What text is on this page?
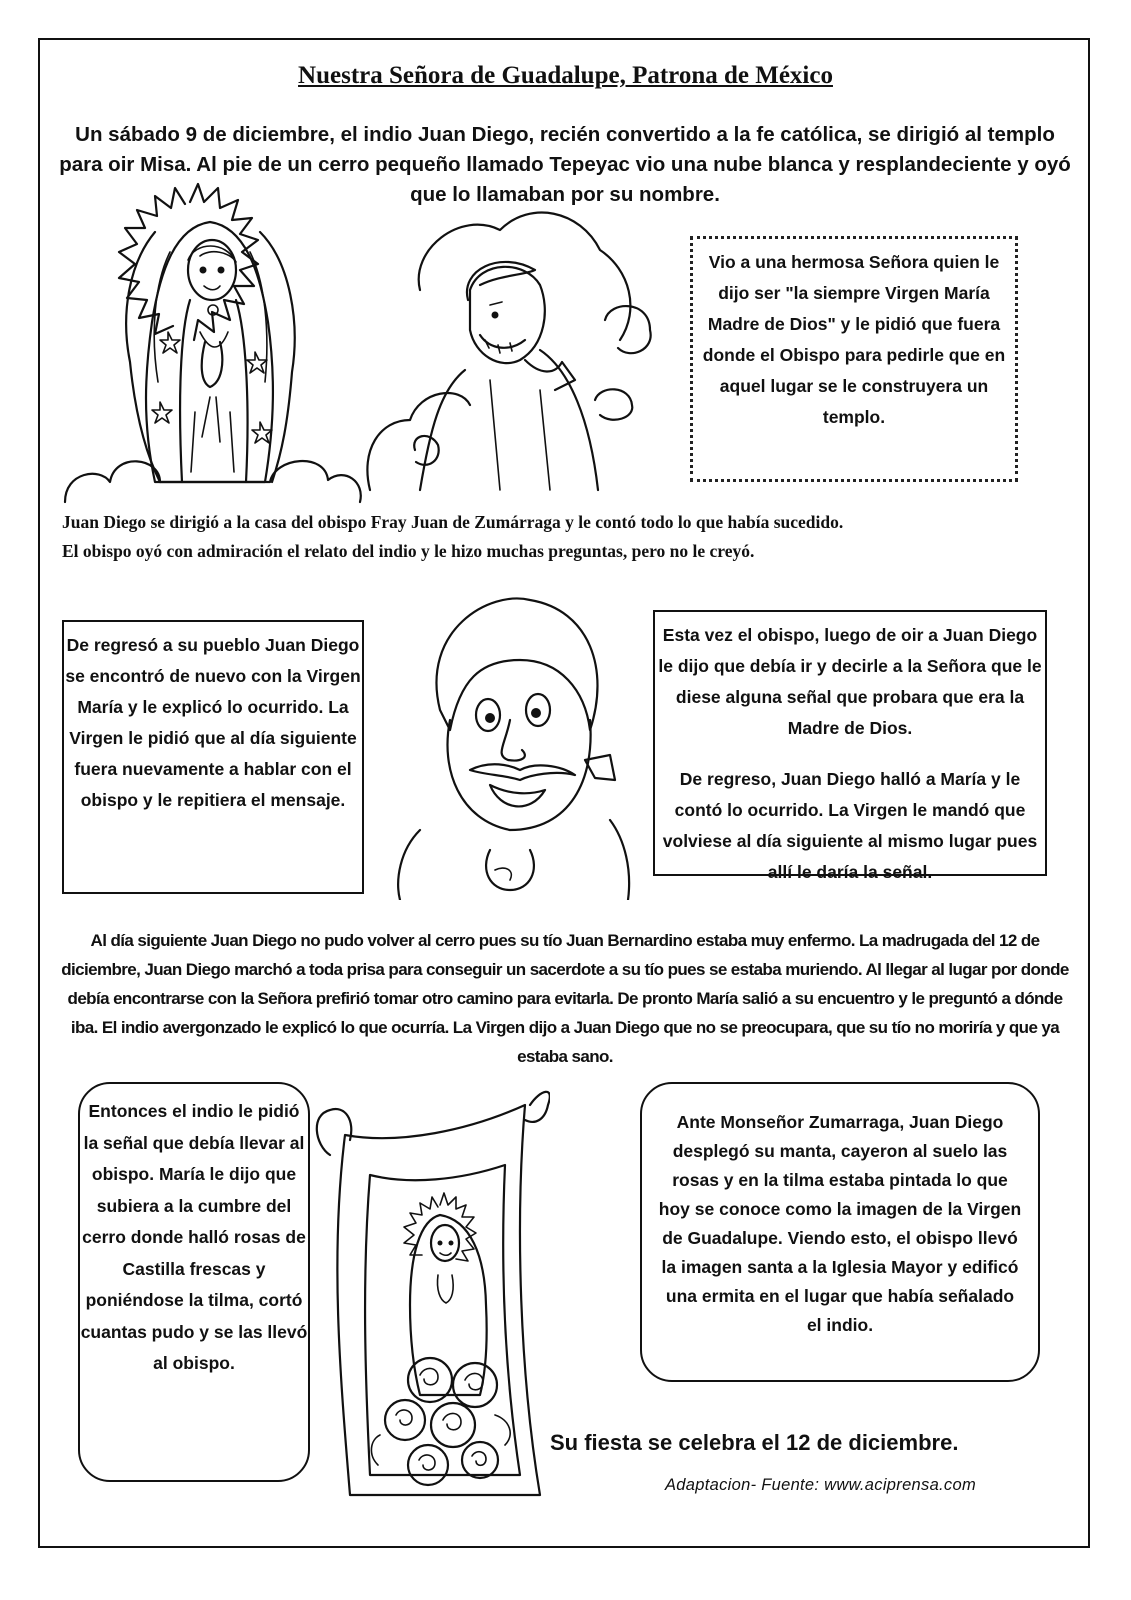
Nuestra Señora de Guadalupe, Patrona de México
Un sábado 9 de diciembre, el indio Juan Diego, recién convertido a la fe católica, se dirigió al templo para oir Misa. Al pie de un cerro pequeño llamado Tepeyac vio una nube blanca y resplandeciente y oyó que lo llamaban por su nombre.
Vio a una hermosa Señora quien le dijo ser "la siempre Virgen María Madre de Dios" y le pidió que fuera donde el Obispo para pedirle que en aquel lugar se le construyera un templo.
Juan Diego se dirigió a la casa del obispo Fray Juan de Zumárraga y le contó todo lo que había sucedido.
El obispo oyó con admiración el relato del indio y le hizo muchas preguntas, pero no le creyó.
De regresó a su pueblo Juan Diego se encontró de nuevo con la Virgen María y le explicó lo ocurrido. La Virgen le pidió que al día siguiente fuera nuevamente a hablar con el obispo y le repitiera el mensaje.
Esta vez el obispo, luego de oir a Juan Diego le dijo que debía ir y decirle a la Señora que le diese alguna señal que probara que era la Madre de Dios.
De regreso, Juan Diego halló a María y le contó lo ocurrido. La Virgen le mandó que volviese al día siguiente al mismo lugar pues allí le daría la señal.
Al día siguiente Juan Diego no pudo volver al cerro pues su tío Juan Bernardino estaba muy enfermo. La madrugada del 12 de diciembre, Juan Diego marchó a toda prisa para conseguir un sacerdote a su tío pues se estaba muriendo. Al llegar al lugar por donde debía encontrarse con la Señora prefirió tomar otro camino para evitarla. De pronto María salió a su encuentro y le preguntó a dónde iba. El indio avergonzado le explicó lo que ocurría. La Virgen dijo a Juan Diego que no se preocupara, que su tío no moriría y que ya estaba sano.
Entonces el indio le pidió la señal que debía llevar al obispo. María le dijo que subiera a la cumbre del cerro donde halló rosas de Castilla frescas y poniéndose la tilma, cortó cuantas pudo y se las llevó al obispo.
Ante Monseñor Zumarraga, Juan Diego desplegó su manta, cayeron al suelo las rosas y en la tilma estaba pintada lo que hoy se conoce como la imagen de la Virgen de Guadalupe. Viendo esto, el obispo llevó la imagen santa a la Iglesia Mayor y edificó una ermita en el lugar que había señalado el indio.
Su fiesta se celebra el 12 de diciembre.
Adaptacion- Fuente: www.aciprensa.com
